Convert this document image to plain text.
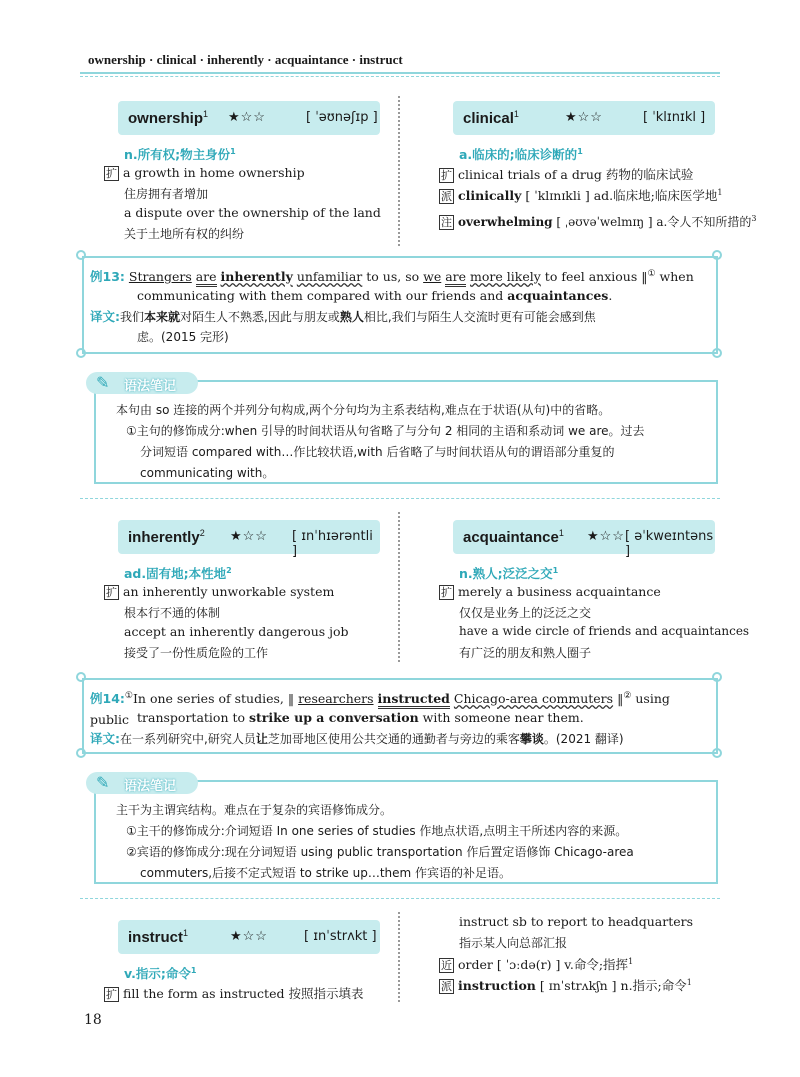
ownership · clinical · inherently · acquaintance · instruct
ownership$^1$ ★☆☆	[ ˈəʊnəʃɪp ]
n.所有权;物主身份$^1$
扩 a growth in home ownership
住房拥有者增加
a dispute over the ownership of the land
关于土地所有权的纠纷
clinical$^1$	★☆☆	[ ˈklɪnɪkl ]
a.临床的;临床诊断的$^1$
扩 clinical trials of a drug 药物的临床试验
派 clinically [ ˈklɪnɪkli ] ad.临床地;临床医学地$^1$
注 overwhelming [ ˌəʊvəˈwelmɪŋ ] a.令人不知所措的$^3$
例13: Strangers are inherently unfamiliar to us, so we are more likely to feel anxious ‖① when
communicating with them compared with our friends and acquaintances.
译文:我们本来就对陌生人不熟悉,因此与朋友或熟人相比,我们与陌生人交流时更有可能会感到焦
虑。(2015 完形)
✎ 语法笔记
本句由 so 连接的两个并列分句构成,两个分句均为主系表结构,难点在于状语(从句)中的省略。
①主句的修饰成分:when 引导的时间状语从句省略了与分句 2 相同的主语和系动词 we are。过去
分词短语 compared with…作比较状语,with 后省略了与时间状语从句的谓语部分重复的
communicating with。
inherently$^2$ ★☆☆ [ ɪnˈhɪərəntli ]
ad.固有地;本性地$^2$
扩 an inherently unworkable system
根本行不通的体制
accept an inherently dangerous job
接受了一份性质危险的工作
acquaintance$^1$ ★☆☆ [ əˈkweɪntəns ]
n.熟人;泛泛之交$^1$
扩 merely a business acquaintance
仅仅是业务上的泛泛之交
have a wide circle of friends and acquaintances
有广泛的朋友和熟人圈子
例14:①In one series of studies, ‖ researchers instructed Chicago-area commuters ‖② using public transportation to strike up a conversation with someone near them.
译文:在一系列研究中,研究人员让芝加哥地区使用公共交通的通勤者与旁边的乘客攀谈。(2021 翻译)
✎ 语法笔记
主干为主谓宾结构。难点在于复杂的宾语修饰成分。
①主干的修饰成分:介词短语 In one series of studies 作地点状语,点明主干所述内容的来源。
②宾语的修饰成分:现在分词短语 using public transportation 作后置定语修饰 Chicago-area
commuters,后接不定式短语 to strike up…them 作宾语的补足语。
instruct$^1$	★☆☆	[ ɪnˈstrʌkt ]
v.指示;命令$^1$
扩 fill the form as instructed 按照指示填表
instruct sb to report to headquarters
指示某人向总部汇报
近 order [ ˈɔːdə(r) ] v.命令;指挥$^1$
派 instruction [ ɪnˈstrʌkʃn ] n.指示;命令$^1$
18
